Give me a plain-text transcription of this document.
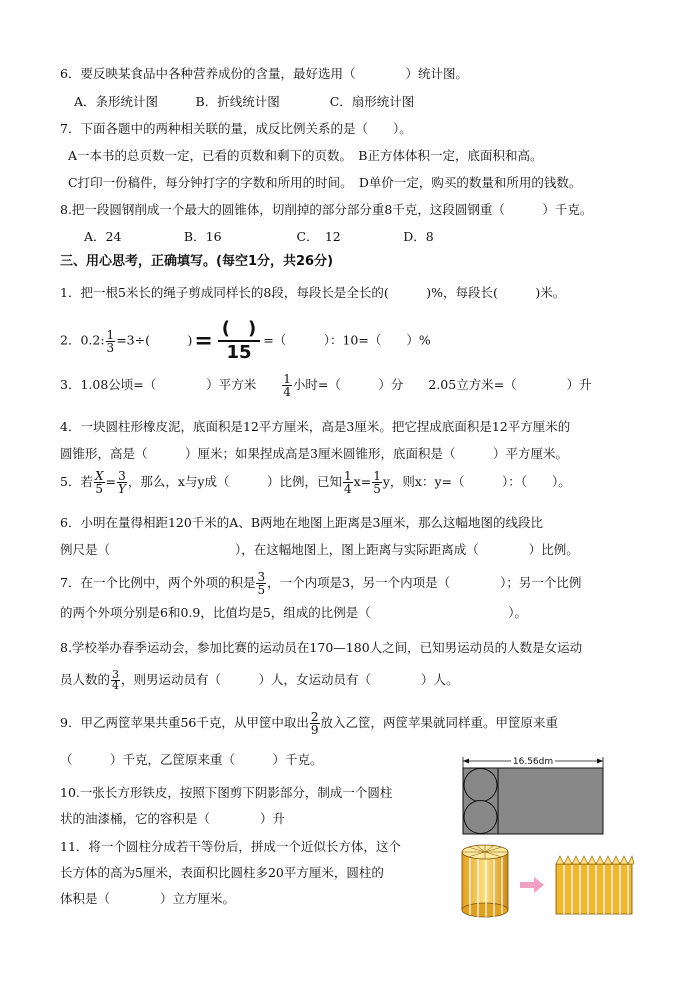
6．要反映某食品中各种营养成份的含量，最好选用（　　　　）统计图。
A．条形统计图　　　B．折线统计图　　　　C．扇形统计图
7．下面各题中的两种相关联的量，成反比例关系的是（　　）。
A一本书的总页数一定，已看的页数和剩下的页数。　B正方体体积一定，底面积和高。
C打印一份稿件，每分钟打字的字数和所用的时间。　D单价一定，购买的数量和所用的钱数。
8.把一段圆钢削成一个最大的圆锥体，切削掉的部分部分重8千克，这段圆钢重（　　　）千克。
A．24　　　　　B．16　　　　　　C．　12　　　　　D．8
三、用心思考，正确填写。(每空1分，共26分)
1．把一根5米长的绳子剪成同样长的8段，每段长是全长的(　　　)%，每段长(　　　)米。
2．0.2: $\frac{1}{3} =3\div$(　　　)= (　)
15
=（　　　）：10=（　　）%
3．1.08公顷=（　　　　）平方米　　 $\frac{1}{4}$ 小时=（　　　）分　　2.05立方米=（　　　　）升
4．一块圆柱形橡皮泥，底面积是12平方厘米，高是3厘米。把它捏成底面积是12平方厘米的
圆锥形，高是（　　　）厘米；如果捏成高是3厘米圆锥形，底面积是（　　　）平方厘米。
5．若 $\frac{X}{5} = \frac{3}{Y}$ ，那么，x与y成（　　　）比例，已知 $\frac{1}{4} x= \frac{1}{5}$ y，则x：y=（　　　）：（　　）。
6．小明在量得相距120千米的A、B两地在地图上距离是3厘米，那么这幅地图的线段比
例尺是（　　　　　　　　　　），在这幅地图上，图上距离与实际距离成（　　　　）比例。
7．在一个比例中，两个外项的积是 $\frac{3}{5}$ ，一个内项是3，另一个内项是（　　　　）；另一个比例
的两个外项分别是6和0.9，比值均是5，组成的比例是（　　　　　　　　　　　）。
8.学校举办春季运动会，参加比赛的运动员在170—180人之间，已知男运动员的人数是女运动
员人数的 $\frac{3}{4}$ ，则男运动员有（　　　）人，女运动员有（　　　　）人。
9．甲乙两筐苹果共重56千克，从甲筐中取出 $\frac{2}{9}$ 放入乙筐，两筐苹果就同样重。甲筐原来重
（　　　）千克，乙筐原来重（　　　）千克。
10.一张长方形铁皮，按照下图剪下阴影部分，制成一个圆柱
状的油漆桶，它的容积是（　　　　）升
11．将一个圆柱分成若干等份后，拼成一个近似长方体，这个
长方体的高为5厘米，表面积比圆柱多20平方厘米，圆柱的
体积是（　　　　）立方厘米。
16.56dm
